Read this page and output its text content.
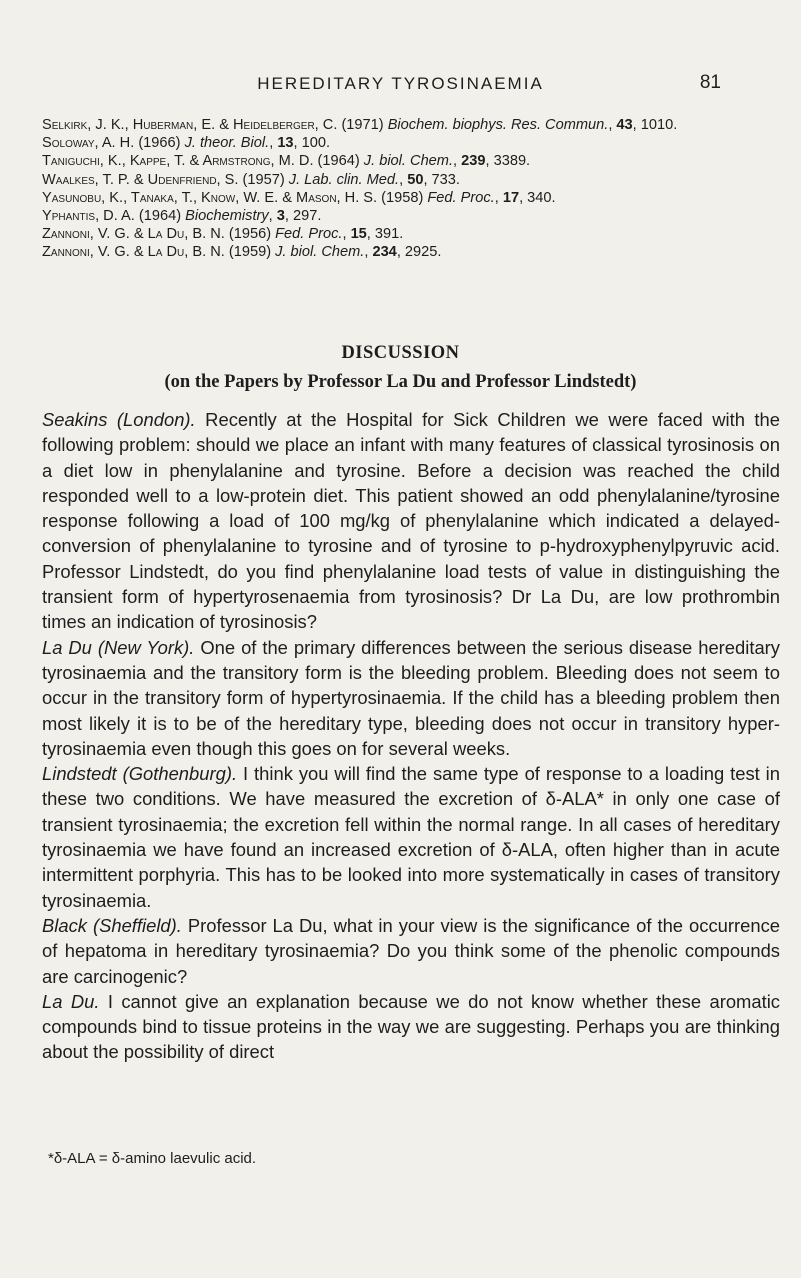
HEREDITARY TYROSINAEMIA	81
Selkirk, J. K., Huberman, E. & Heidelberger, C. (1971) Biochem. biophys. Res. Commun., 43, 1010.
Soloway, A. H. (1966) J. theor. Biol., 13, 100.
Taniguchi, K., Kappe, T. & Armstrong, M. D. (1964) J. biol. Chem., 239, 3389.
Waalkes, T. P. & Udenfriend, S. (1957) J. Lab. clin. Med., 50, 733.
Yasunobu, K., Tanaka, T., Know, W. E. & Mason, H. S. (1958) Fed. Proc., 17, 340.
Yphantis, D. A. (1964) Biochemistry, 3, 297.
Zannoni, V. G. & La Du, B. N. (1956) Fed. Proc., 15, 391.
Zannoni, V. G. & La Du, B. N. (1959) J. biol. Chem., 234, 2925.
DISCUSSION
(on the Papers by Professor La Du and Professor Lindstedt)

Seakins (London). Recently at the Hospital for Sick Children we were faced with the following problem: should we place an infant with many features of classical tyrosinosis on a diet low in phenylalanine and tyrosine. Before a decision was reached the child responded well to a low-protein diet. This patient showed an odd phenylalanine/tyrosine response following a load of 100 mg/kg of phenylalanine which indicated a delayed-conversion of phenylalanine to tyrosine and of tyrosine to p-hydroxyphenylpyruvic acid. Professor Lindstedt, do you find phenylalanine load tests of value in distinguishing the transient form of hypertyrosenaemia from tyrosinosis? Dr La Du, are low prothrombin times an indication of tyrosinosis?

La Du (New York). One of the primary differences between the serious disease hereditary tyrosinaemia and the transitory form is the bleeding problem. Bleeding does not seem to occur in the transitory form of hypertyrosinaemia. If the child has a bleeding problem then most likely it is to be of the hereditary type, bleeding does not occur in transitory hypertyrosinaemia even though this goes on for several weeks.

Lindstedt (Gothenburg). I think you will find the same type of response to a loading test in these two conditions. We have measured the excretion of δ-ALA* in only one case of transient tyrosinaemia; the excretion fell within the normal range. In all cases of hereditary tyrosinaemia we have found an increased excretion of δ-ALA, often higher than in acute intermittent porphyria. This has to be looked into more systematically in cases of transitory tyrosinaemia.

Black (Sheffield). Professor La Du, what in your view is the significance of the occurrence of hepatoma in hereditary tyrosinaemia? Do you think some of the phenolic compounds are carcinogenic?

La Du. I cannot give an explanation because we do not know whether these aromatic compounds bind to tissue proteins in the way we are suggesting. Perhaps you are thinking about the possibility of direct

*δ-ALA = δ-amino laevulic acid.
